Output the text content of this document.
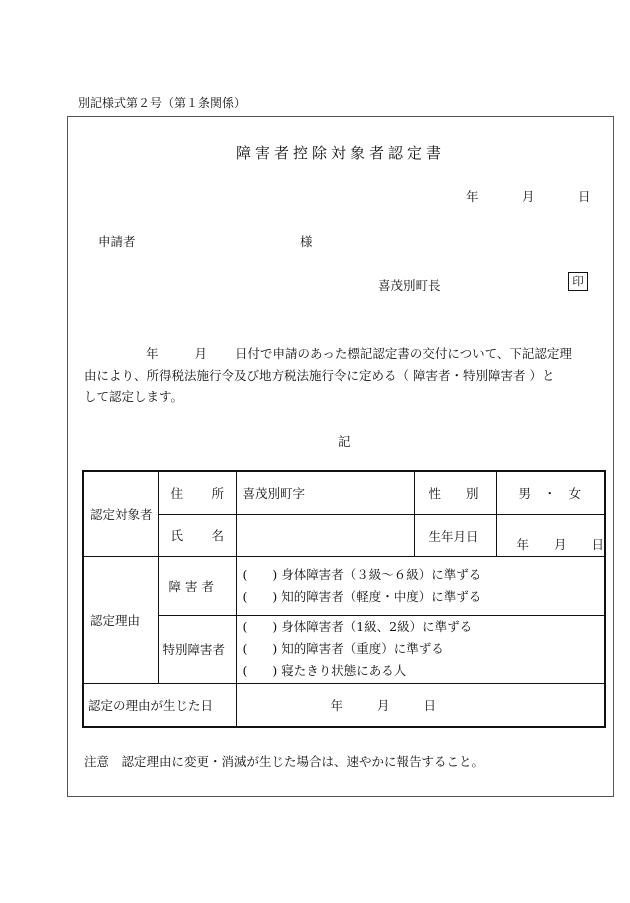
別記様式第２号（第１条関係）
障害者控除対象者認定書
年	月	日
申請者	様
喜茂別町長	印
年	月 日付で申請のあった標記認定書の交付について、下記認定理
由により、所得税法施行令及び地方税法施行令に定める（ 障害者・特別障害者 ）と
して認定します。
記
認定対象者	住　所	喜茂別町字	性　　別	男　・　女
	氏　名		生年月日	年　　月　　日
認定理由	障 害 者	(　　) 身体障害者（３級～６級）に準ずる
(　　) 知的障害者（軽度・中度）に準ずる		

	特別障害者	(　　) 身体障害者（1級、2級）に準ずる
(　　) 知的障害者（重度）に準ずる
(　　) 寝たきり状態にある人		

認定の理由が生じた日		年 月 日		
注意　認定理由に変更・消滅が生じた場合は、速やかに報告すること。
